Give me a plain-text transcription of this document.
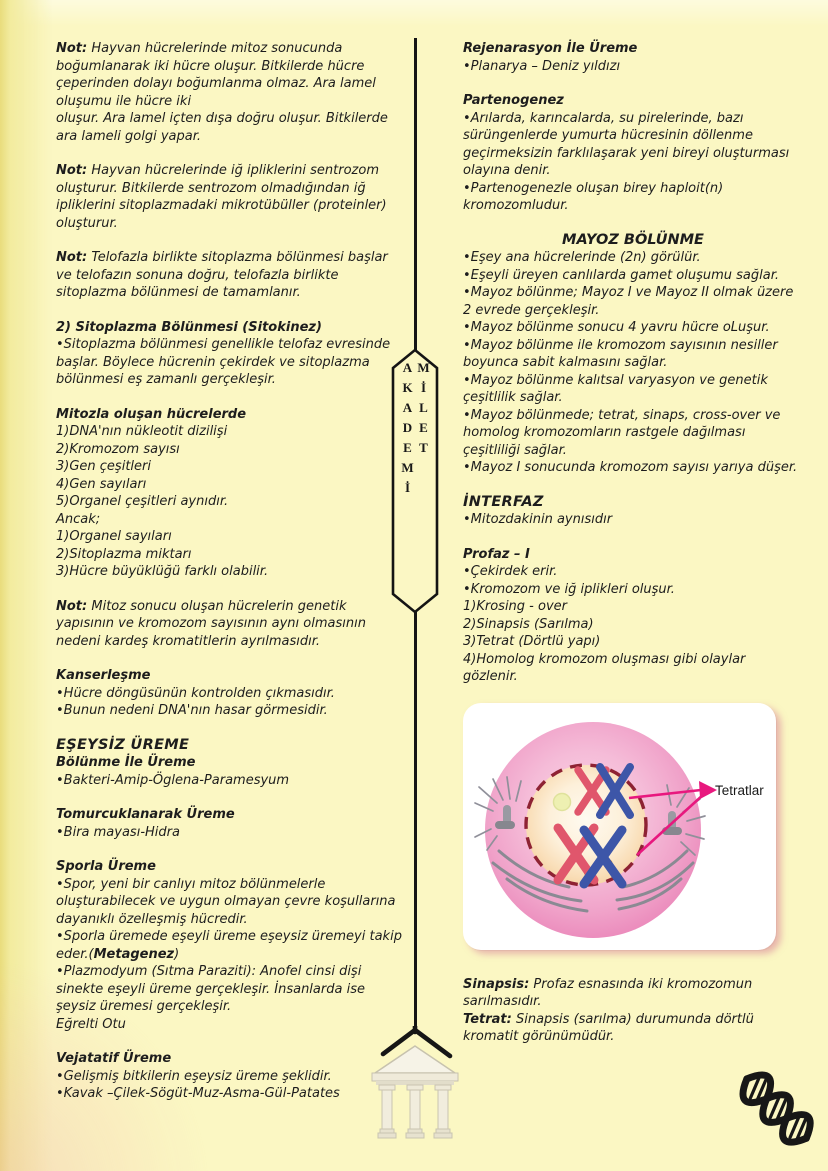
Not: Hayvan hücrelerinde mitoz sonucunda boğumlanarak iki hücre oluşur. Bitkilerde hücre çeperinden dolayı boğumlanma olmaz. Ara lamel oluşumu ile hücre iki
oluşur. Ara lamel içten dışa doğru oluşur. Bitkilerde ara lameli golgi yapar.

Not: Hayvan hücrelerinde iğ ipliklerini sentrozom oluşturur. Bitkilerde sentrozom olmadığından iğ ipliklerini sitoplazmadaki mikrotübüller (proteinler) oluşturur.

Not: Telofazla birlikte sitoplazma bölünmesi başlar ve telofazın sonuna doğru, telofazla birlikte sitoplazma bölünmesi de tamamlanır.

2) Sitoplazma Bölünmesi (Sitokinez)
•Sitoplazma bölünmesi genellikle telofaz evresinde başlar. Böylece hücrenin çekirdek ve sitoplazma bölünmesi eş zamanlı gerçekleşir.
Mitozla oluşan hücrelerde
1)DNA'nın nükleotit dizilişi
2)Kromozom sayısı
3)Gen çeşitleri
4)Gen sayıları
5)Organel çeşitleri aynıdır.
Ancak;
1)Organel sayıları
2)Sitoplazma miktarı
3)Hücre büyüklüğü farklı olabilir.

Not: Mitoz sonucu oluşan hücrelerin genetik yapısının ve kromozom sayısının aynı olmasının nedeni kardeş kromatitlerin ayrılmasıdır.

Kanserleşme
•Hücre döngüsünün kontrolden çıkmasıdır.
•Bunun nedeni DNA'nın hasar görmesidir.
EŞEYSİZ ÜREME
Bölünme İle Üreme
•Bakteri-Amip-Öglena-Paramesyum
Tomurcuklanarak Üreme
•Bira mayası-Hidra
Sporla Üreme
•Spor, yeni bir canlıyı mitoz bölünmelerle oluşturabilecek ve uygun olmayan çevre koşullarına dayanıklı özelleşmiş hücredir.
•Sporla üremede eşeyli üreme eşeysiz üremeyi takip eder.(Metagenez)
•Plazmodyum (Sıtma Paraziti): Anofel cinsi dişi sinekte eşeyli üreme gerçekleşir. İnsanlarda ise şeysiz üremesi gerçekleşir.
Eğrelti Otu
Vejatatif Üreme
•Gelişmiş bitkilerin eşeysiz üreme şeklidir.
•Kavak –Çilek-Sögüt-Muz-Asma-Gül-Patates
MİLET AKADEMİ
Rejenarasyon İle Üreme
•Planarya – Deniz yıldızı
Partenogenez
•Arılarda, karıncalarda, su pirelerinde, bazı sürüngenlerde yumurta hücresinin döllenme geçirmeksizin farklılaşarak yeni bireyi oluşturması olayına denir.
•Partenogenezle oluşan birey haploit(n) kromozomludur.
MAYOZ BÖLÜNME
•Eşey ana hücrelerinde (2n) görülür.
•Eşeyli üreyen canlılarda gamet oluşumu sağlar.
•Mayoz bölünme; Mayoz I ve Mayoz II olmak üzere 2 evrede gerçekleşir.
•Mayoz bölünme sonucu 4 yavru hücre oLuşur.
•Mayoz bölünme ile kromozom sayısının nesiller boyunca sabit kalmasını sağlar.
•Mayoz bölünme kalıtsal varyasyon ve genetik çeşitlilik sağlar.
•Mayoz bölünmede; tetrat, sinaps, cross-over ve homolog kromozomların rastgele dağılması çeşitliliği sağlar.
•Mayoz I sonucunda kromozom sayısı yarıya düşer.
İNTERFAZ
•Mitozdakinin aynısıdır
Profaz – I
•Çekirdek erir.
•Kromozom ve iğ iplikleri oluşur.
1)Krosing - over
2)Sinapsis (Sarılma)
3)Tetrat (Dörtlü yapı)
4)Homolog kromozom oluşması gibi olaylar gözlenir.
Tetratlar

Sinapsis: Profaz esnasında iki kromozomun sarılmasıdır.
Tetrat: Sinapsis (sarılma) durumunda dörtlü kromatit görünümüdür.
